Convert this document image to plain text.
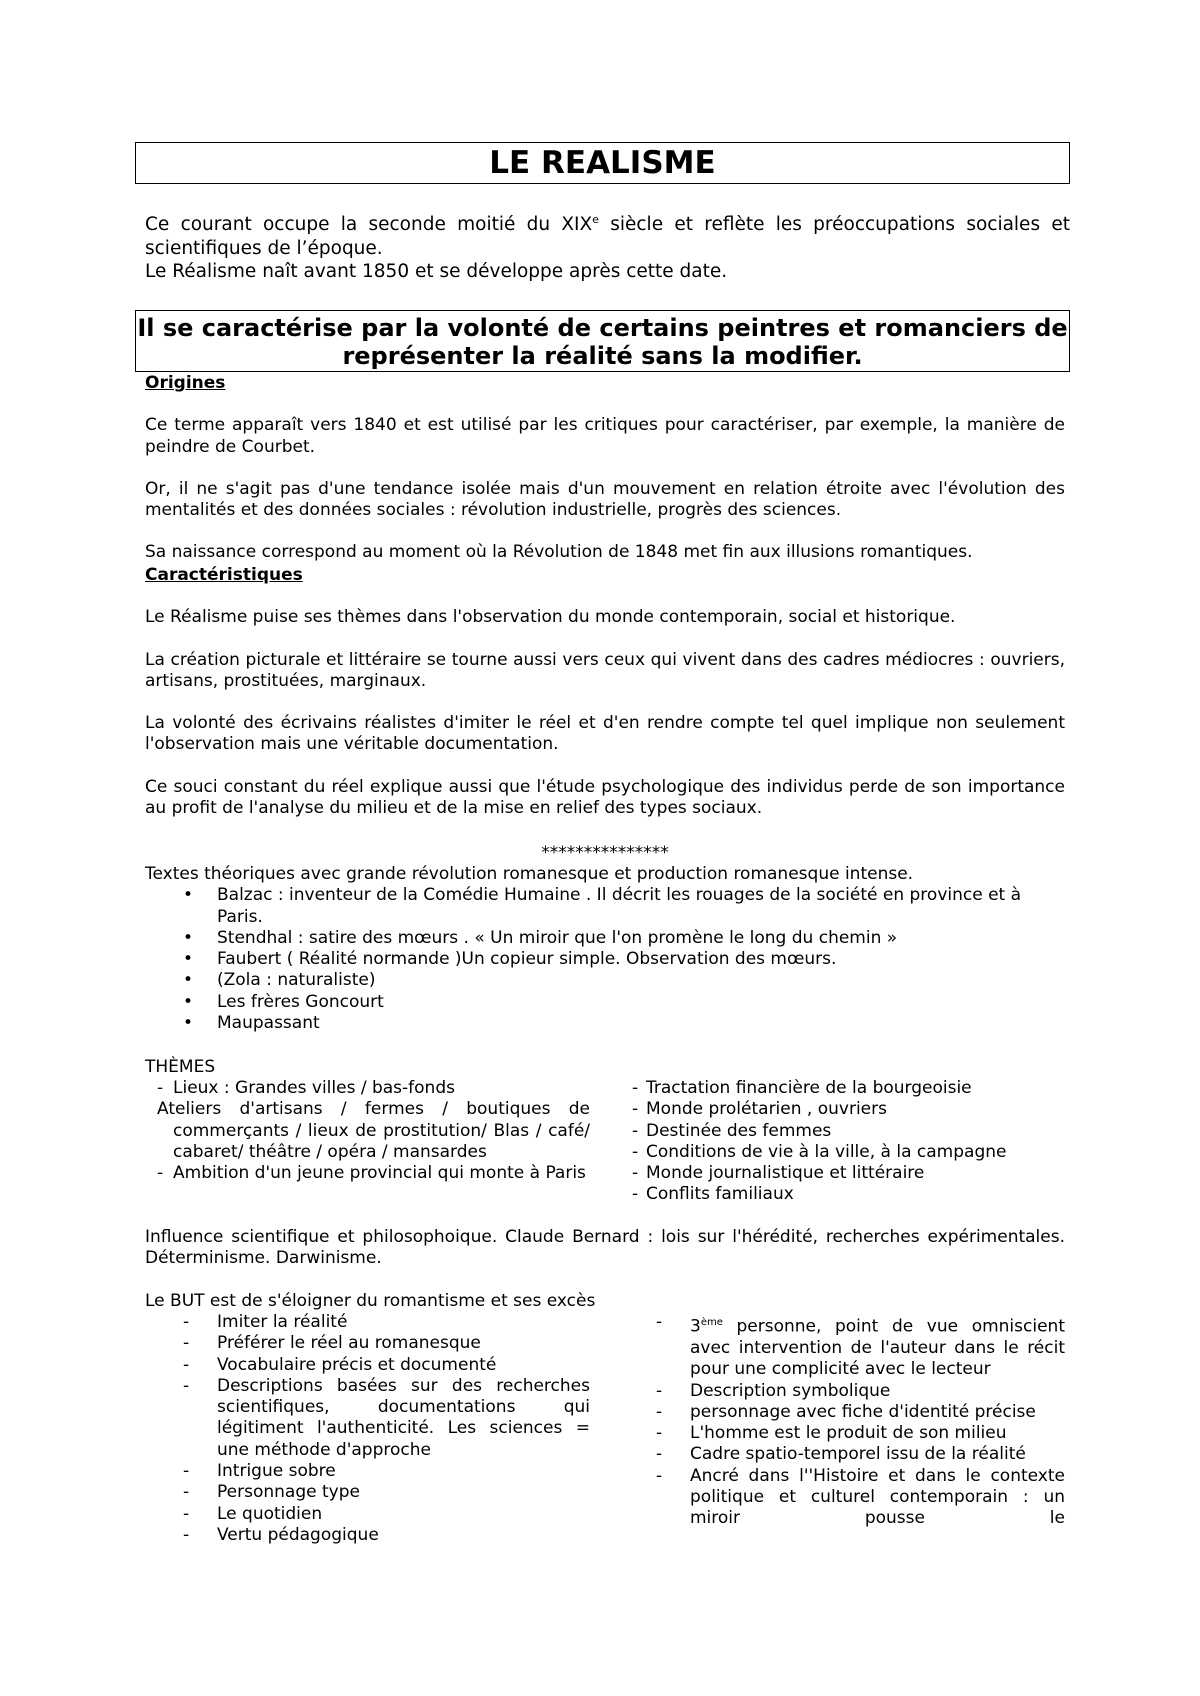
LE REALISME
Ce courant occupe la seconde moitié du XIXe siècle et reflète les préoccupations sociales et scientifiques de l’époque.
Le Réalisme naît avant 1850 et se développe après cette date.
Il se caractérise par la volonté de certains peintres et romanciers de représenter la réalité sans la modifier.
Origines
Ce terme apparaît vers 1840 et est utilisé par les critiques pour caractériser, par exemple, la manière de peindre de Courbet.
Or, il ne s'agit pas d'une tendance isolée mais d'un mouvement en relation étroite avec l'évolution des mentalités et des données sociales : révolution industrielle, progrès des sciences.
Sa naissance correspond au moment où la Révolution de 1848 met fin aux illusions romantiques.
Caractéristiques
Le Réalisme puise ses thèmes dans l'observation du monde contemporain, social et historique.
La création picturale et littéraire se tourne aussi vers ceux qui vivent dans des cadres médiocres : ouvriers, artisans, prostituées, marginaux.
La volonté des écrivains réalistes d'imiter le réel et d'en rendre compte tel quel implique non seulement l'observation mais une véritable documentation.
Ce souci constant du réel explique aussi que l'étude psychologique des individus perde de son importance au profit de l'analyse du milieu et de la mise en relief des types sociaux.
***************
Textes théoriques avec grande révolution romanesque et production romanesque intense.
• Balzac : inventeur de la Comédie Humaine . Il décrit les rouages de la société en province et à Paris.
• Stendhal : satire des mœurs . « Un miroir que l'on promène le long du chemin »
• Faubert ( Réalité normande )Un copieur simple. Observation des mœurs.
• (Zola : naturaliste)
• Les frères Goncourt
• Maupassant
THÈMES
- Lieux : Grandes villes / bas-fonds
Ateliers d'artisans / fermes / boutiques de commerçants / lieux de prostitution/ Blas / café/ cabaret/ théâtre / opéra / mansardes
- Ambition d'un jeune provincial qui monte à Paris
- Tractation financière de la bourgeoisie
- Monde prolétarien , ouvriers
- Destinée des femmes
- Conditions de vie à la ville, à la campagne
- Monde journalistique et littéraire
- Conflits familiaux
Influence scientifique et philosophoique. Claude Bernard : lois sur l'hérédité, recherches expérimentales. Déterminisme. Darwinisme.
Le BUT est de s'éloigner du romantisme et ses excès
- Imiter la réalité
- Préférer le réel au romanesque
- Vocabulaire précis et documenté
- Descriptions basées sur des recherches scientifiques, documentations qui légitiment l'authenticité. Les sciences = une méthode d'approche
- Intrigue sobre
- Personnage type
- Le quotidien
- Vertu pédagogique
- 3ème personne, point de vue omniscient avec intervention de l'auteur dans le récit pour une complicité avec le lecteur
- Description symbolique
- personnage avec fiche d'identité précise
- L'homme est le produit de son milieu
- Cadre spatio-temporel issu de la réalité
- Ancré dans l''Histoire et dans le contexte politique et culturel contemporain : un miroir pousse le
